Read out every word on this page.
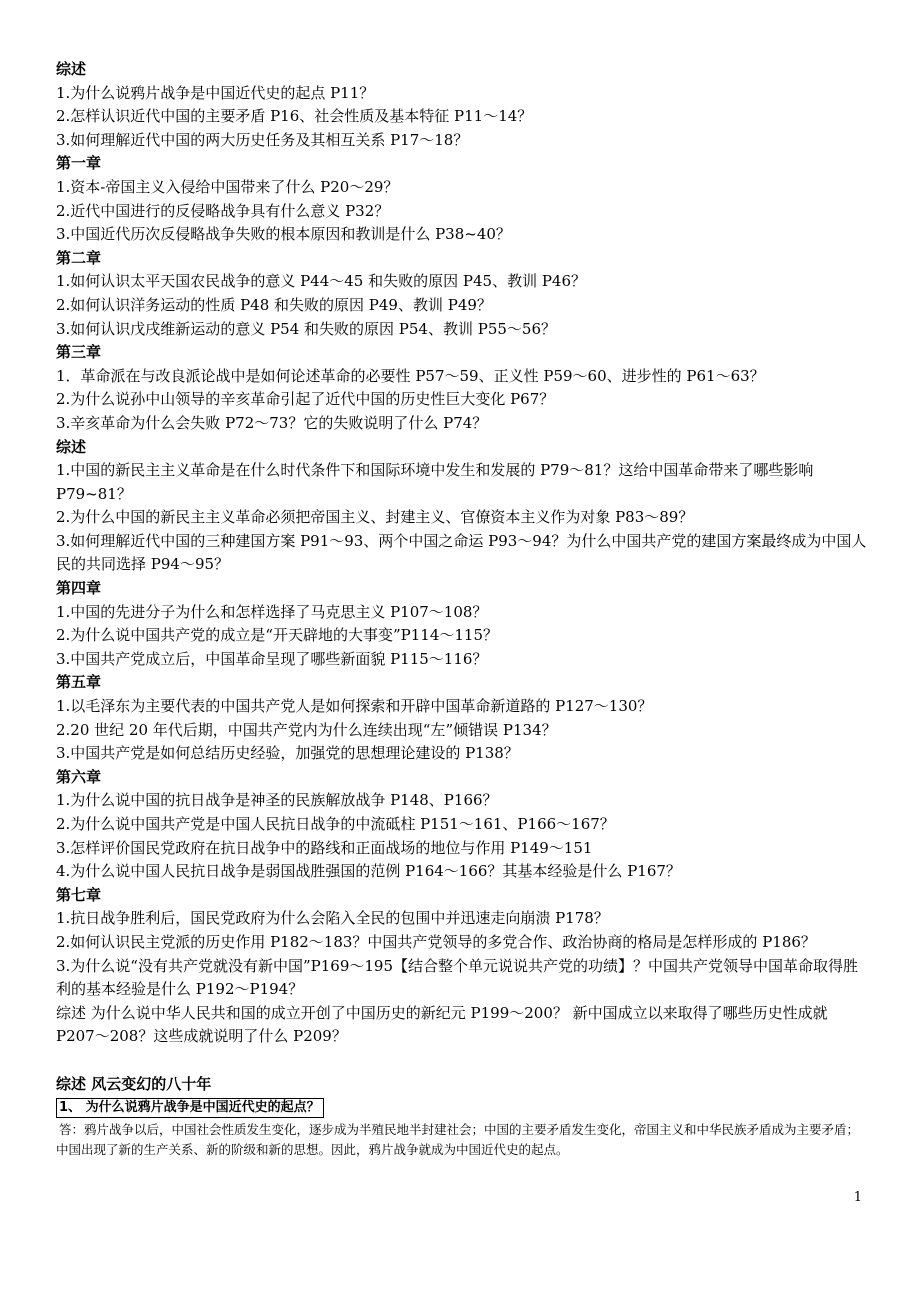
综述
1.为什么说鸦片战争是中国近代史的起点 P11？
2.怎样认识近代中国的主要矛盾 P16、社会性质及基本特征 P11～14？
3.如何理解近代中国的两大历史任务及其相互关系 P17～18？
第一章
1.资本-帝国主义入侵给中国带来了什么 P20～29？
2.近代中国进行的反侵略战争具有什么意义 P32？
3.中国近代历次反侵略战争失败的根本原因和教训是什么 P38~40？
第二章
1.如何认识太平天国农民战争的意义 P44～45 和失败的原因 P45、教训 P46？
2.如何认识洋务运动的性质 P48 和失败的原因 P49、教训 P49？
3.如何认识戊戌维新运动的意义 P54 和失败的原因 P54、教训 P55～56？
第三章
1．革命派在与改良派论战中是如何论述革命的必要性 P57～59、正义性 P59～60、进步性的 P61～63？
2.为什么说孙中山领导的辛亥革命引起了近代中国的历史性巨大变化 P67？
3.辛亥革命为什么会失败 P72～73？它的失败说明了什么 P74？
综述
1.中国的新民主主义革命是在什么时代条件下和国际环境中发生和发展的 P79～81？这给中国革命带来了哪些影响 P79~81？
2.为什么中国的新民主主义革命必须把帝国主义、封建主义、官僚资本主义作为对象 P83～89？
3.如何理解近代中国的三种建国方案 P91～93、两个中国之命运 P93～94？为什么中国共产党的建国方案最终成为中国人民的共同选择 P94～95？
第四章
1.中国的先进分子为什么和怎样选择了马克思主义 P107～108？
2.为什么说中国共产党的成立是“开天辟地的大事变”P114～115？
3.中国共产党成立后，中国革命呈现了哪些新面貌 P115～116？
第五章
1.以毛泽东为主要代表的中国共产党人是如何探索和开辟中国革命新道路的 P127～130？
2.20 世纪 20 年代后期，中国共产党内为什么连续出现“左”倾错误 P134？
3.中国共产党是如何总结历史经验，加强党的思想理论建设的 P138？
第六章
1.为什么说中国的抗日战争是神圣的民族解放战争 P148、P166？
2.为什么说中国共产党是中国人民抗日战争的中流砥柱 P151～161、P166～167？
3.怎样评价国民党政府在抗日战争中的路线和正面战场的地位与作用 P149～151
4.为什么说中国人民抗日战争是弱国战胜强国的范例 P164～166？其基本经验是什么 P167？
第七章
1.抗日战争胜利后，国民党政府为什么会陷入全民的包围中并迅速走向崩溃 P178？
2.如何认识民主党派的历史作用 P182～183？中国共产党领导的多党合作、政治协商的格局是怎样形成的 P186？
3.为什么说“没有共产党就没有新中国”P169～195【结合整个单元说说共产党的功绩】？中国共产党领导中国革命取得胜利的基本经验是什么 P192～P194？
综述 为什么说中华人民共和国的成立开创了中国历史的新纪元 P199～200？ 新中国成立以来取得了哪些历史性成就 P207～208？这些成就说明了什么 P209？
综述 风云变幻的八十年
1、 为什么说鸦片战争是中国近代史的起点？
答：鸦片战争以后，中国社会性质发生变化，逐步成为半殖民地半封建社会；中国的主要矛盾发生变化，帝国主义和中华民族矛盾成为主要矛盾；中国出现了新的生产关系、新的阶级和新的思想。因此，鸦片战争就成为中国近代史的起点。
1
